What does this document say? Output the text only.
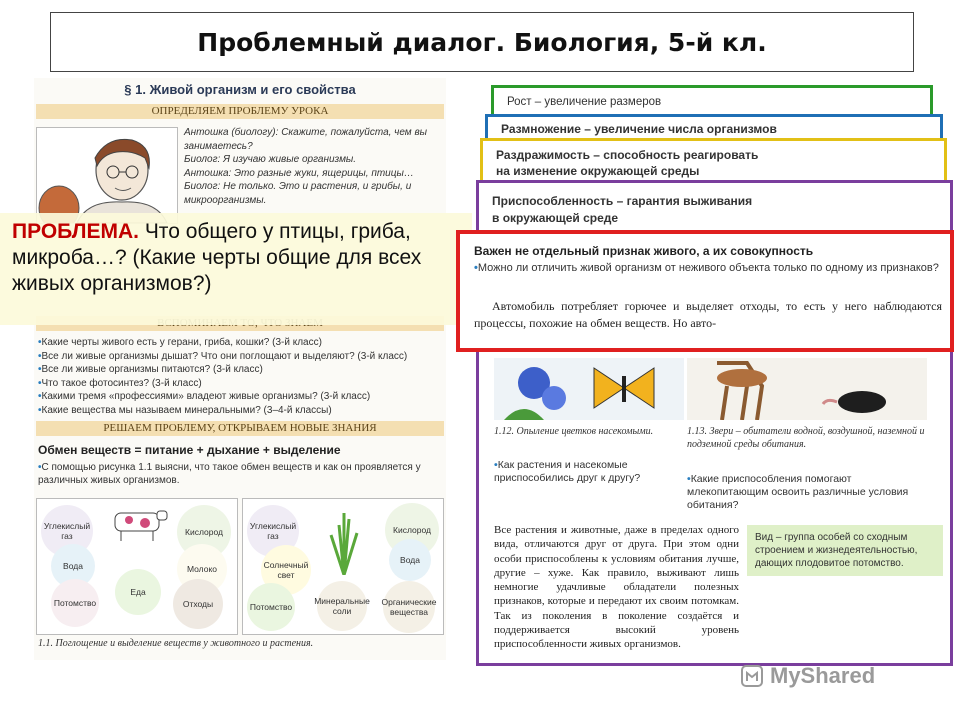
Проблемный диалог. Биология, 5-й кл.
§ 1. Живой организм и его свойства
ОПРЕДЕЛЯЕМ ПРОБЛЕМУ УРОКА
Антошка (биологу): Скажите, пожалуйста, чем вы занимаетесь?
Биолог: Я изучаю живые организмы.
Антошка: Это разные жуки, ящерицы, птицы…
Биолог: Не только. Это и растения, и грибы, и микроорганизмы.
• Какие черты живого есть у герани, гриба, кошки? (3-й класс)
• Все ли живые организмы дышат? Что они поглощают и выделяют? (3-й класс)
• Все ли живые организмы питаются? (3-й класс)
• Что такое фотосинтез? (3-й класс)
• Какими тремя «профессиями» владеют живые организмы? (3-й класс)
• Какие вещества мы называем минеральными? (3–4-й классы)
РЕШАЕМ ПРОБЛЕМУ, ОТКРЫВАЕМ НОВЫЕ ЗНАНИЯ
Обмен веществ = питание + дыхание + выделение
• С помощью рисунка 1.1 выясни, что такое обмен веществ и как он проявляется у различных живых организмов.
Углекислый газ	Кислород
Вода	Молоко
Потомство
Еда
Отходы
Углекислый газ
Кислород
Солнечный свет
Вода
Потомство
Минеральные соли
Органические вещества
1.1. Поглощение и выделение веществ у животного и растения.
ПРОБЛЕМА. Что общего у птицы, гриба, микроба…? (Какие черты общие для всех живых организмов?)
Рост – увеличение размеров
Размножение – увеличение числа организмов
Раздражимость – способность реагировать
на изменение окружающей среды
Приспособленность – гарантия выживания
в окружающей среде
1.12. Опыление цветков насекомыми.	1.13. Звери – обитатели водной, воздушной, наземной и подземной среды обитания.
• Как растения и насекомые приспособились друг к другу?
•	Какие приспособления помогают млекопитающим освоить различные условия обитания?
Все растения и животные, даже в пределах одного вида, отличаются друг от друга. При этом одни особи приспособлены к условиям обитания лучше, другие – хуже. Как правило, выживают лишь немногие удачливые обладатели полезных признаков, которые и передают их своим потомкам. Так из поколения в поколение создаётся и поддерживается высокий уровень приспособленности живых организмов.
Вид – группа особей со сходным строением и жизнедеятельностью, дающих плодовитое потомство.
Важен не отдельный признак живого, а их совокупность
• Можно ли отличить живой организм от неживого объекта только по одному из признаков?
Автомобиль потребляет горючее и выделяет отходы, то есть у него наблюдаются процессы, похожие на обмен веществ. Но авто-
MyShared
